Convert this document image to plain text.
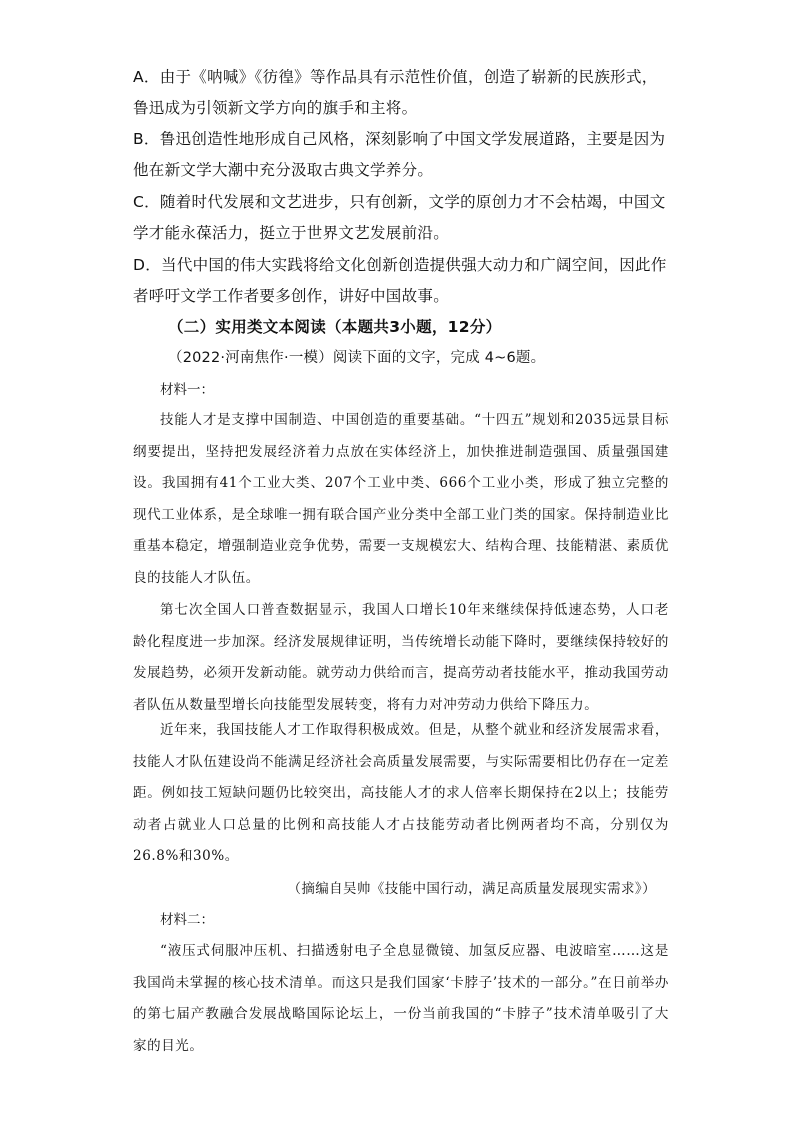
A．由于《呐喊》《彷徨》等作品具有示范性价值，创造了崭新的民族形式，鲁迅成为引领新文学方向的旗手和主将。
B．鲁迅创造性地形成自己风格，深刻影响了中国文学发展道路，主要是因为他在新文学大潮中充分汲取古典文学养分。
C．随着时代发展和文艺进步，只有创新，文学的原创力才不会枯竭，中国文学才能永葆活力，挺立于世界文艺发展前沿。
D．当代中国的伟大实践将给文化创新创造提供强大动力和广阔空间，因此作者呼吁文学工作者要多创作，讲好中国故事。
（二）实用类文本阅读（本题共3小题，12分）
（2022·河南焦作·一模）阅读下面的文字，完成 4~6题。
材料一：
技能人才是支撑中国制造、中国创造的重要基础。“十四五”规划和2035远景目标纲要提出，坚持把发展经济着力点放在实体经济上，加快推进制造强国、质量强国建设。我国拥有41个工业大类、207个工业中类、666个工业小类，形成了独立完整的现代工业体系，是全球唯一拥有联合国产业分类中全部工业门类的国家。保持制造业比重基本稳定，增强制造业竞争优势，需要一支规模宏大、结构合理、技能精湛、素质优良的技能人才队伍。
第七次全国人口普查数据显示，我国人口增长10年来继续保持低速态势，人口老龄化程度进一步加深。经济发展规律证明，当传统增长动能下降时，要继续保持较好的发展趋势，必须开发新动能。就劳动力供给而言，提高劳动者技能水平，推动我国劳动者队伍从数量型增长向技能型发展转变，将有力对冲劳动力供给下降压力。
近年来，我国技能人才工作取得积极成效。但是，从整个就业和经济发展需求看，技能人才队伍建设尚不能满足经济社会高质量发展需要，与实际需要相比仍存在一定差距。例如技工短缺问题仍比较突出，高技能人才的求人倍率长期保持在2以上；技能劳动者占就业人口总量的比例和高技能人才占技能劳动者比例两者均不高，分别仅为26.8%和30%。
（摘编自吴帅《技能中国行动，满足高质量发展现实需求》）
材料二：
“液压式伺服冲压机、扫描透射电子全息显微镜、加氢反应器、电波暗室……这是我国尚未掌握的核心技术清单。而这只是我们国家‘卡脖子’技术的一部分。”在日前举办的第七届产教融合发展战略国际论坛上，一份当前我国的“卡脖子”技术清单吸引了大家的目光。
